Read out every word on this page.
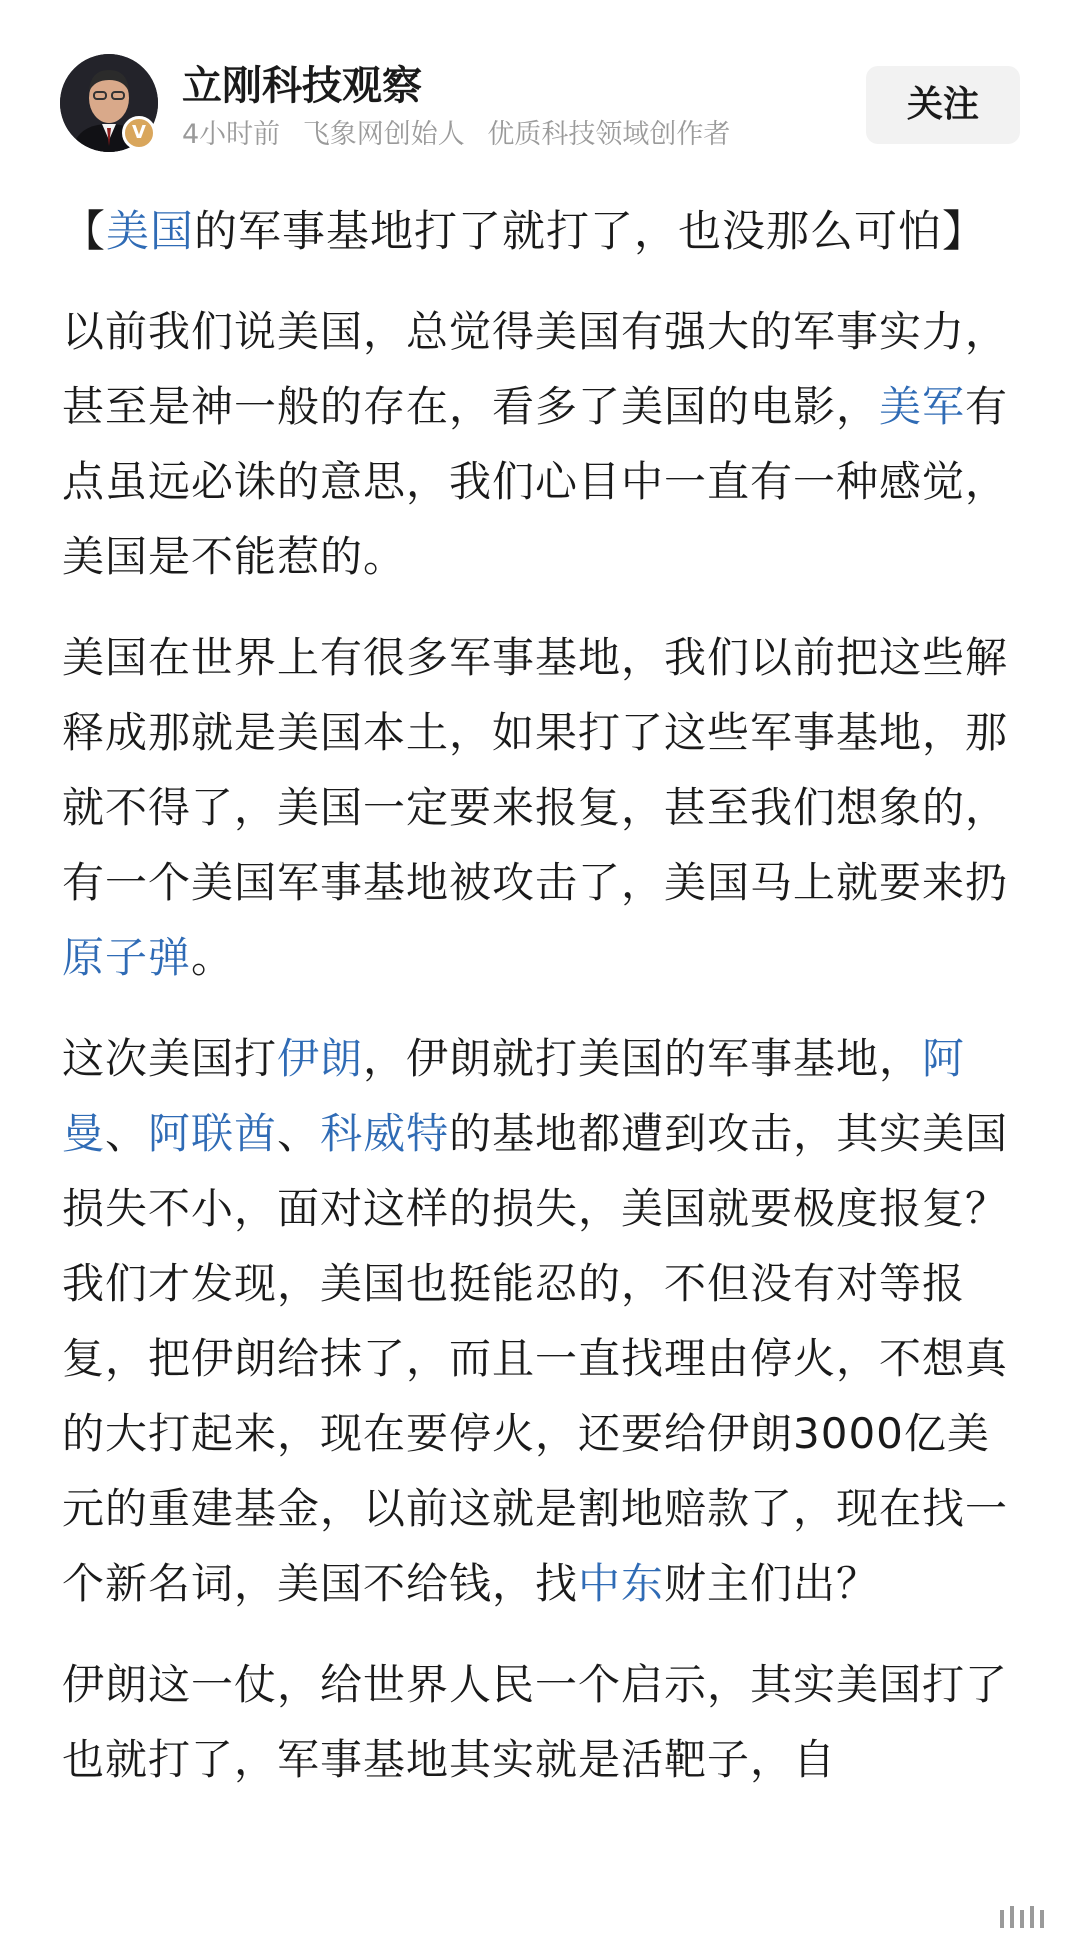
V
立刚科技观察
4小时前 飞象网创始人 优质科技领域创作者
关注
【美国的军事基地打了就打了，也没那么可怕】
以前我们说美国，总觉得美国有强大的军事实力，甚至是神一般的存在，看多了美国的电影，美军有点虽远必诛的意思，我们心目中一直有一种感觉，美国是不能惹的。
美国在世界上有很多军事基地，我们以前把这些解释成那就是美国本土，如果打了这些军事基地，那就不得了，美国一定要来报复，甚至我们想象的，有一个美国军事基地被攻击了，美国马上就要来扔原子弹。
这次美国打伊朗，伊朗就打美国的军事基地，阿曼、阿联酋、科威特的基地都遭到攻击，其实美国损失不小，面对这样的损失，美国就要极度报复？我们才发现，美国也挺能忍的，不但没有对等报复，把伊朗给抹了，而且一直找理由停火，不想真的大打起来，现在要停火，还要给伊朗3000亿美元的重建基金，以前这就是割地赔款了，现在找一个新名词，美国不给钱，找中东财主们出？
伊朗这一仗，给世界人民一个启示，其实美国打了也就打了，军事基地其实就是活靶子，自
